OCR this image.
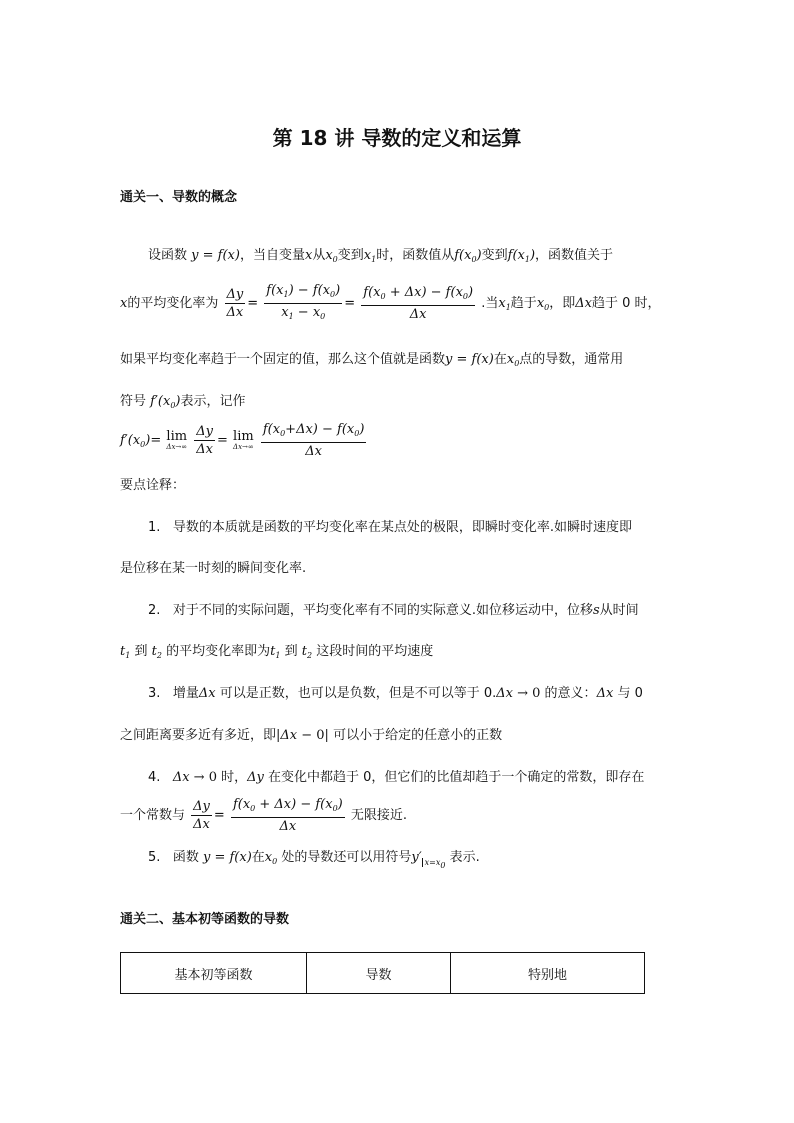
第 18 讲 导数的定义和运算
通关一、导数的概念
设函数 y = f(x)，当自变量x从$x_0$变到$x_1$时，函数值从$f(x_0)$变到$f(x_1)$，函数值关于
x的平均变化率为 $\frac{\Delta y}{\Delta x} = \frac{f(x_1) - f(x_0)}{x_1 - x_0} = \frac{f(x_0 + \Delta x) - f(x_0)}{\Delta x}$ .当$x_1$趋于$x_0$，即Δx趋于 0 时，
如果平均变化率趋于一个固定的值，那么这个值就是函数y = f(x)在$x_0$点的导数，通常用
符号 $f'(x_0)$表示，记作
$f'(x_0)= \lim$
Δx→∞
$\frac{\Delta y}{\Delta x} = \lim$
Δx→∞
$\frac{f(x_0+\Delta x) - f(x_0)}{\Delta x}$
要点诠释：
1. 导数的本质就是函数的平均变化率在某点处的极限，即瞬时变化率.如瞬时速度即
是位移在某一时刻的瞬间变化率.
2. 对于不同的实际问题，平均变化率有不同的实际意义.如位移运动中，位移s从时间
$t_1$ 到 $t_2$ 的平均变化率即为$t_1$ 到 $t_2$ 这段时间的平均速度
3. 增量Δx 可以是正数，也可以是负数，但是不可以等于 0.Δx → 0 的意义：Δx 与 0
之间距离要多近有多近，即|Δx − 0| 可以小于给定的任意小的正数
4. Δx → 0 时，Δy 在变化中都趋于 0，但它们的比值却趋于一个确定的常数，即存在
一个常数与 $\frac{\Delta y}{\Delta x} = \frac{f(x_0 + \Delta x) - f(x_0)}{\Delta x}$ 无限接近.
5. 函数 y = f(x)在$x_0$ 处的导数还可以用符号y′ $_{x=x_0}$ 表示.
通关二、基本初等函数的导数
基本初等函数	导数	特别地
